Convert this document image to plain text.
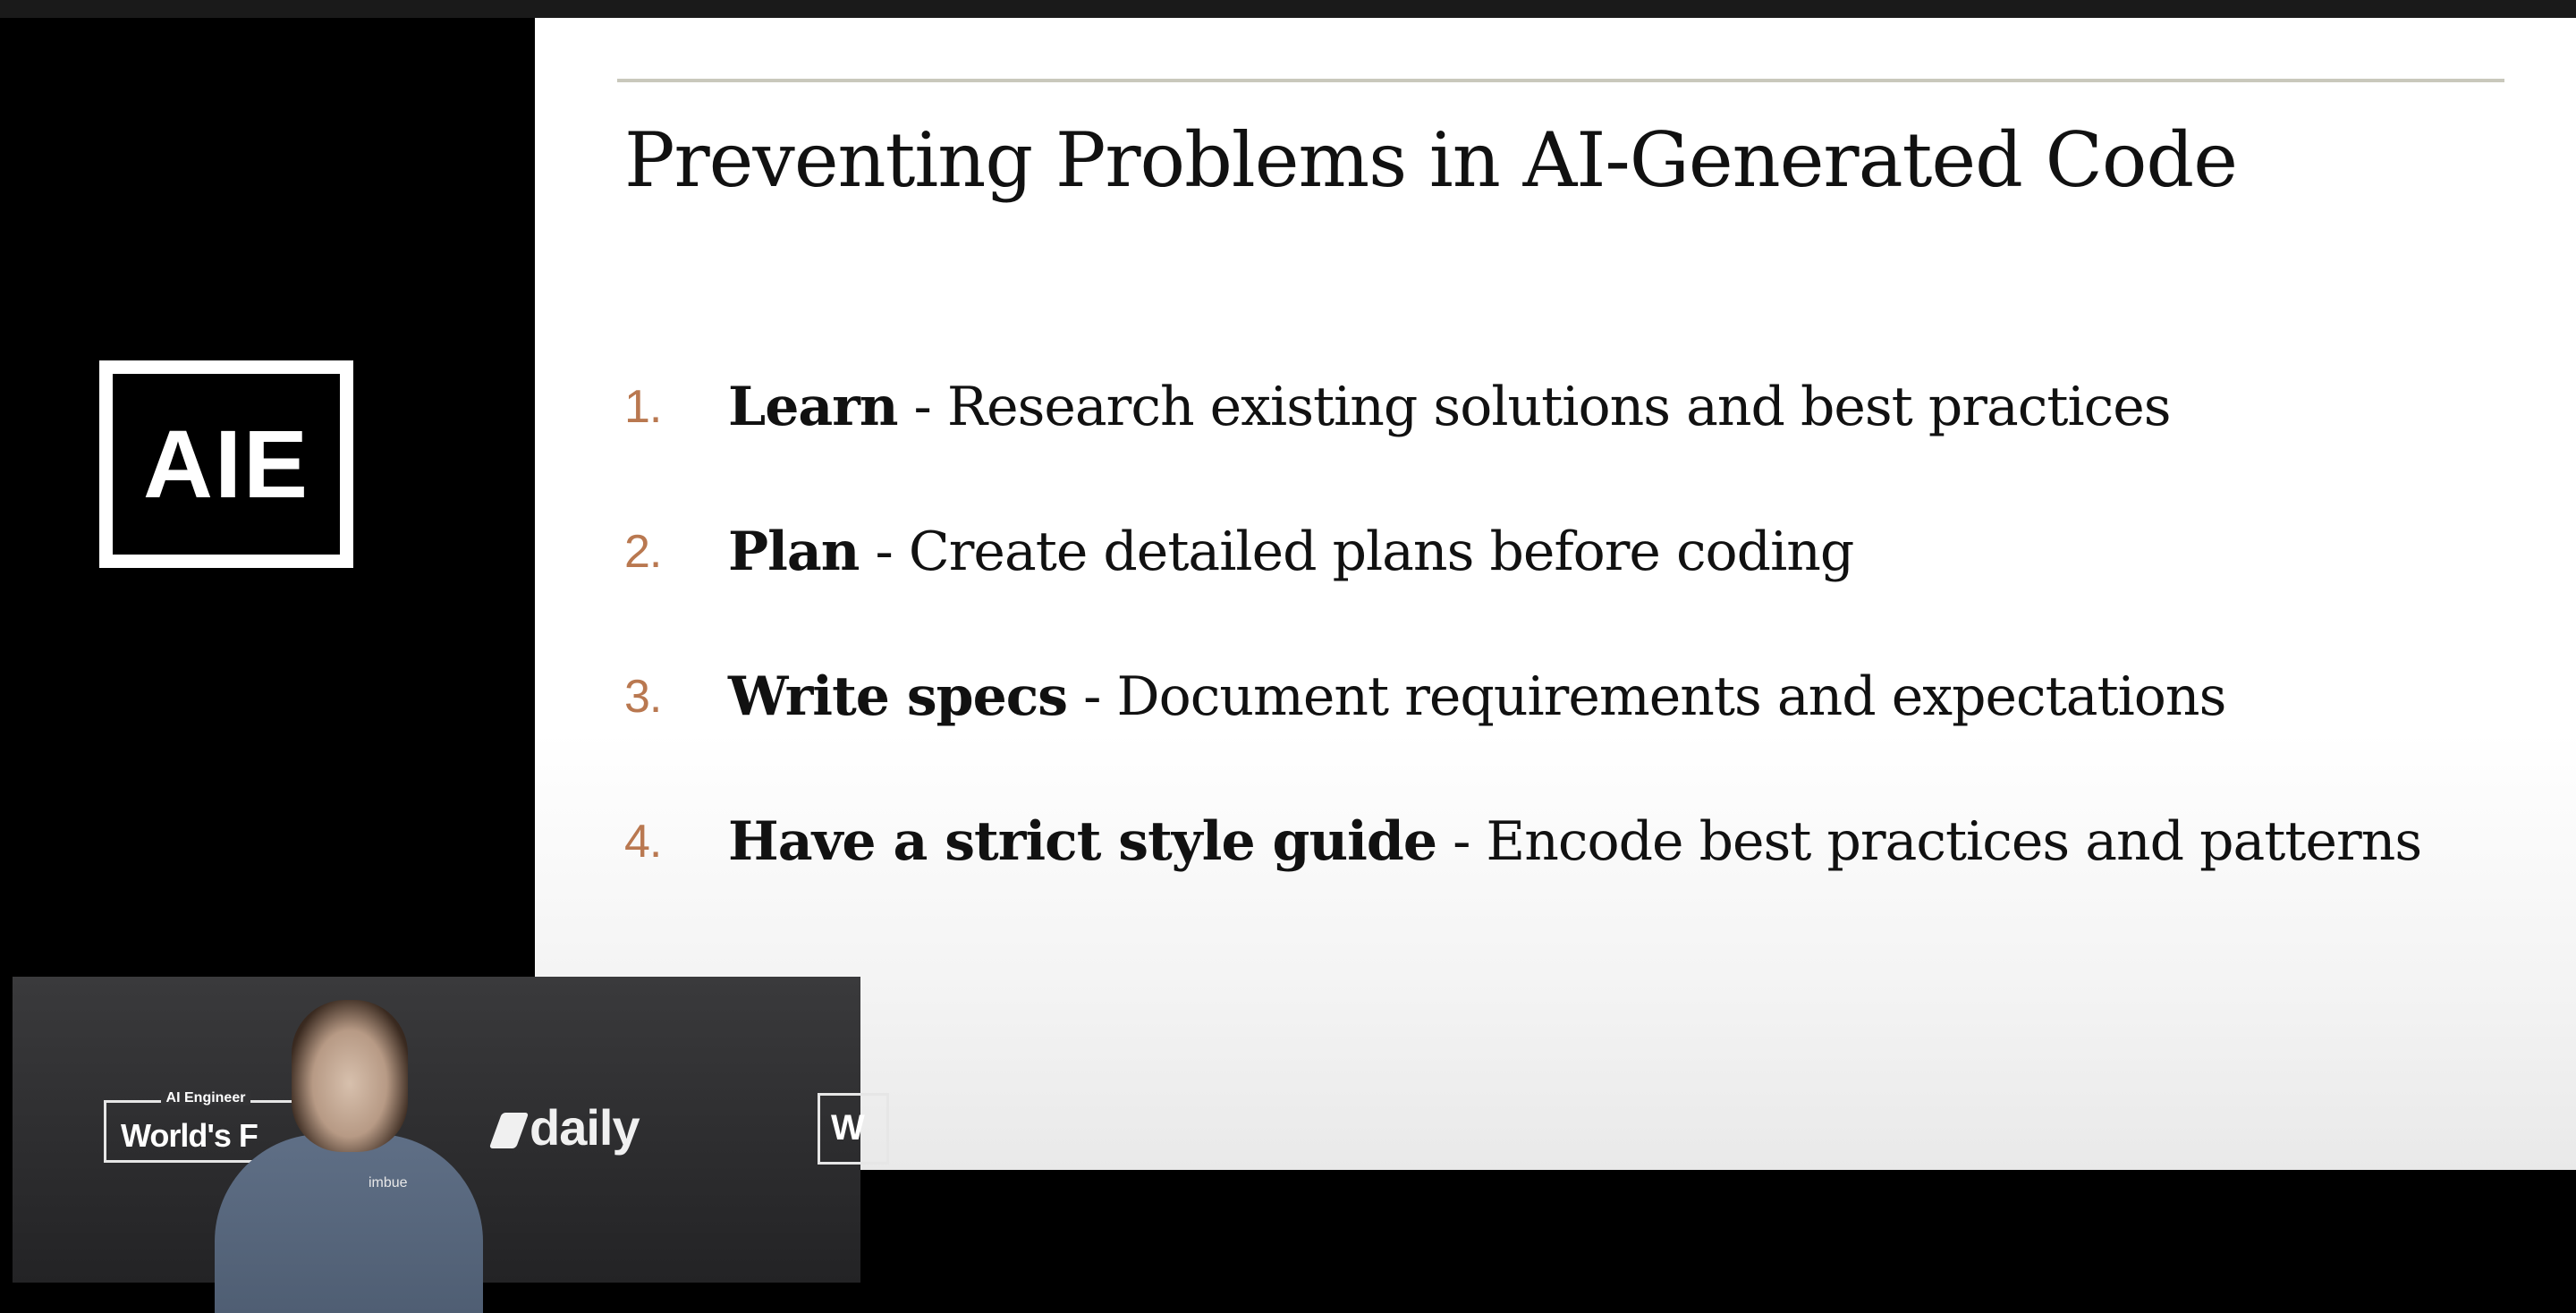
AIE
Preventing Problems in AI-Generated Code
1. Learn - Research existing solutions and best practices
2. Plan - Create detailed plans before coding
3. Write specs - Document requirements and expectations
4. Have a strict style guide - Encode best practices and patterns
AI Engineer
World's F	daily	W
imbue
